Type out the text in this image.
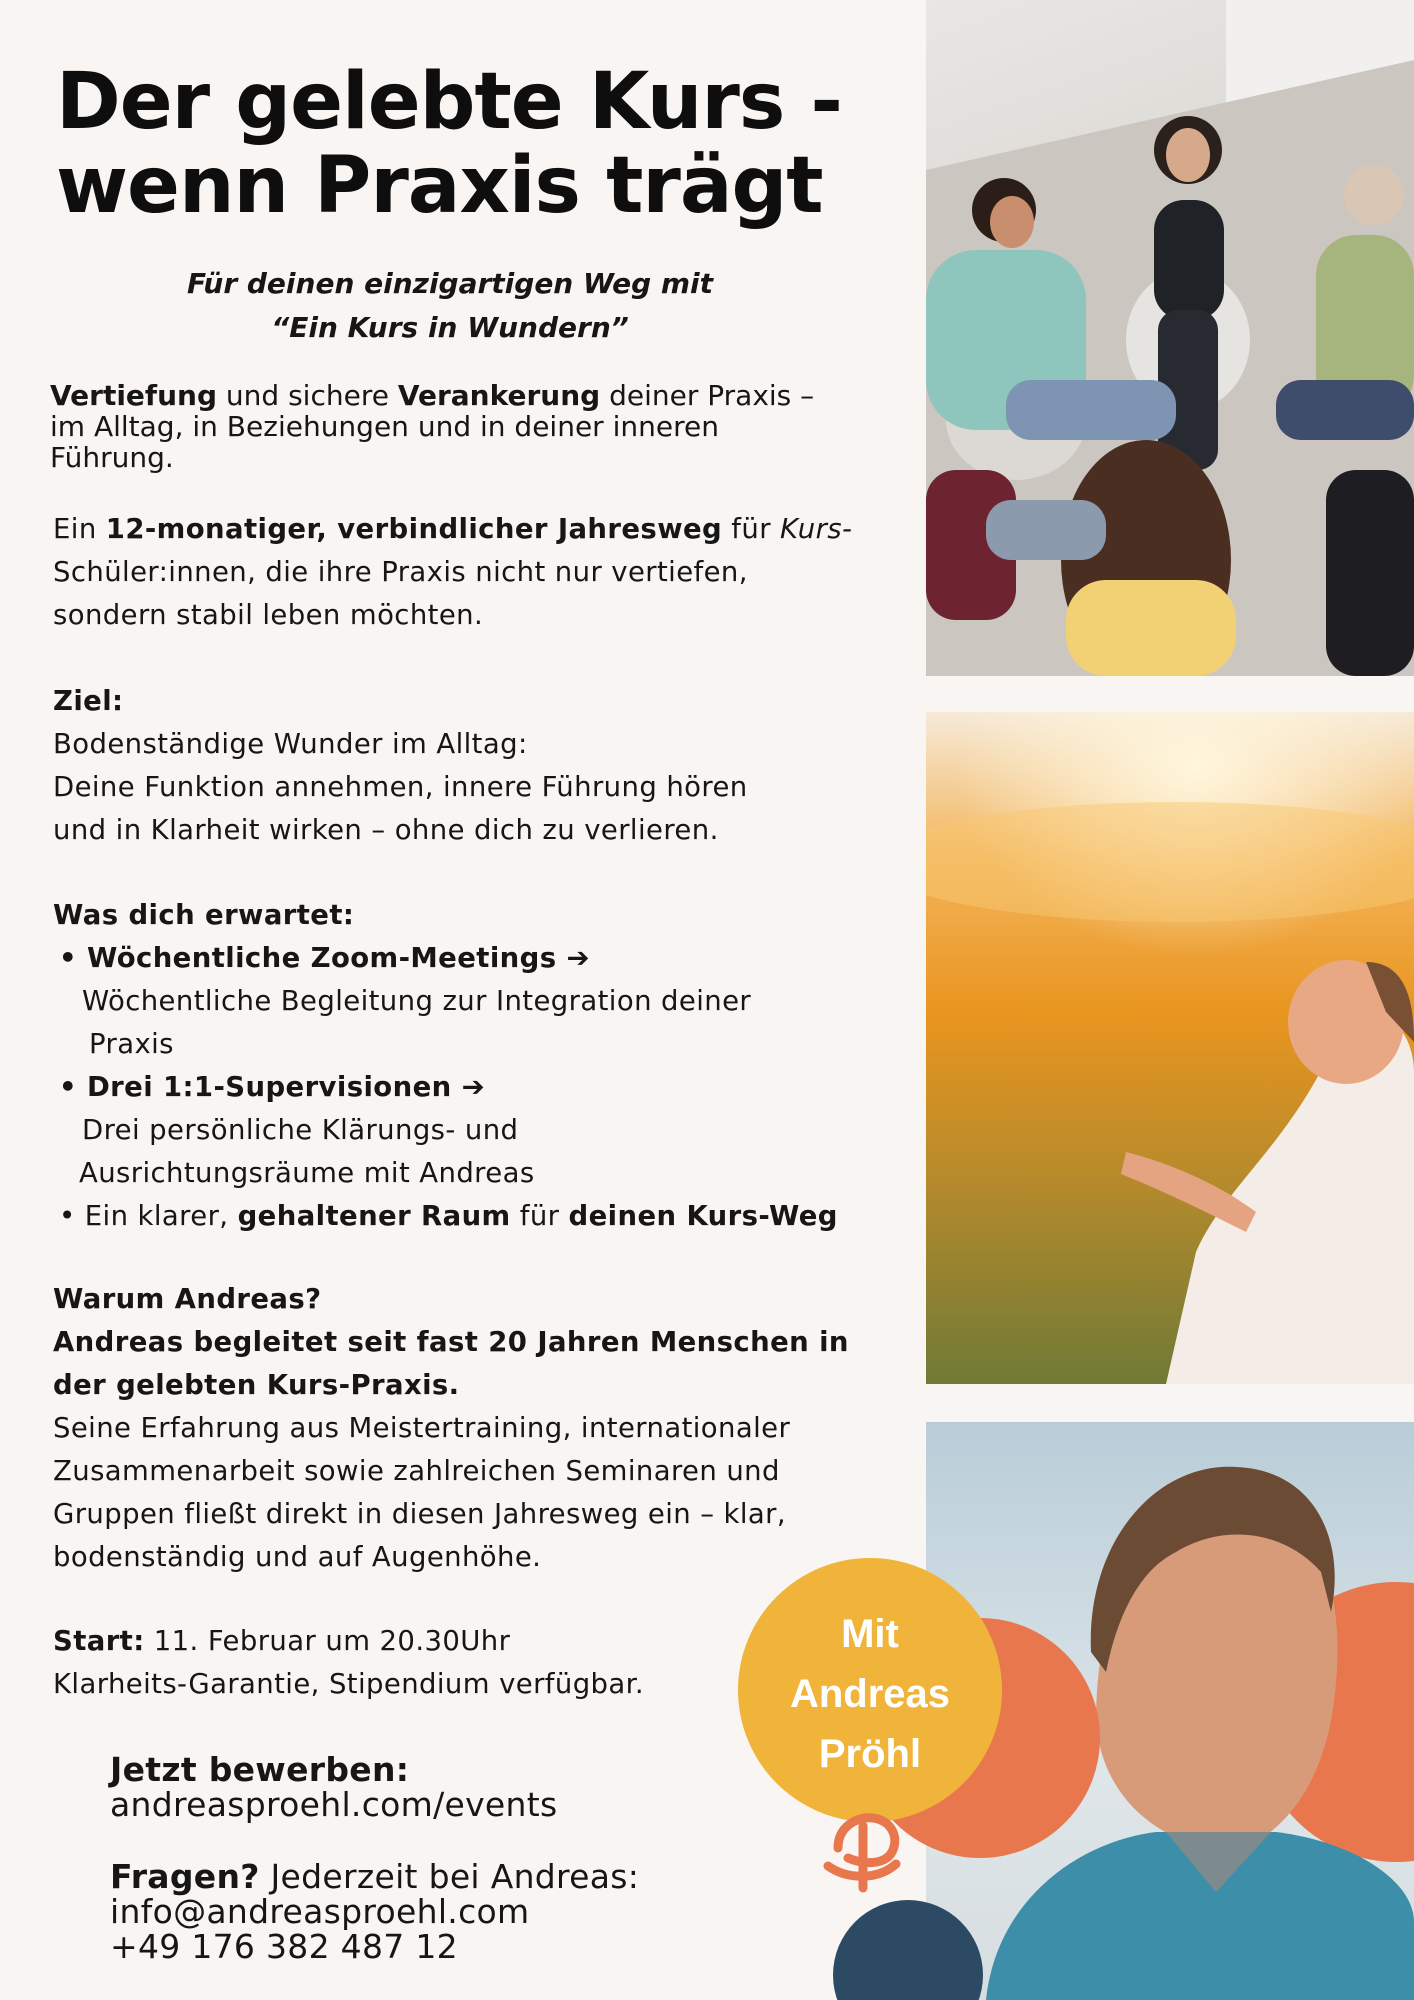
Der gelebte Kurs -
wenn Praxis trägt
Für deinen einzigartigen Weg mit
“Ein Kurs in Wundern”
Vertiefung und sichere Verankerung deiner Praxis –
im Alltag, in Beziehungen und in deiner inneren
Führung.
Ein 12-monatiger, verbindlicher Jahresweg für Kurs-
Schüler:innen, die ihre Praxis nicht nur vertiefen,
sondern stabil leben möchten.
Ziel:
Bodenständige Wunder im Alltag:
Deine Funktion annehmen, innere Führung hören
und in Klarheit wirken – ohne dich zu verlieren.
Was dich erwartet:
• Wöchentliche Zoom-Meetings ➔
Wöchentliche Begleitung zur Integration deiner
Praxis
• Drei 1:1-Supervisionen ➔
Drei persönliche Klärungs- und
Ausrichtungsräume mit Andreas
• Ein klarer, gehaltener Raum für deinen Kurs-Weg
Warum Andreas?
Andreas begleitet seit fast 20 Jahren Menschen in
der gelebten Kurs-Praxis.
Seine Erfahrung aus Meistertraining, internationaler
Zusammenarbeit sowie zahlreichen Seminaren und
Gruppen fließt direkt in diesen Jahresweg ein – klar,
bodenständig und auf Augenhöhe.
Start: 11. Februar um 20.30Uhr
Klarheits-Garantie, Stipendium verfügbar.
Jetzt bewerben:
andreasproehl.com/events
Fragen? Jederzeit bei Andreas:
info@andreasproehl.com
+49 176 382 487 12
Mit
Andreas
Pröhl
